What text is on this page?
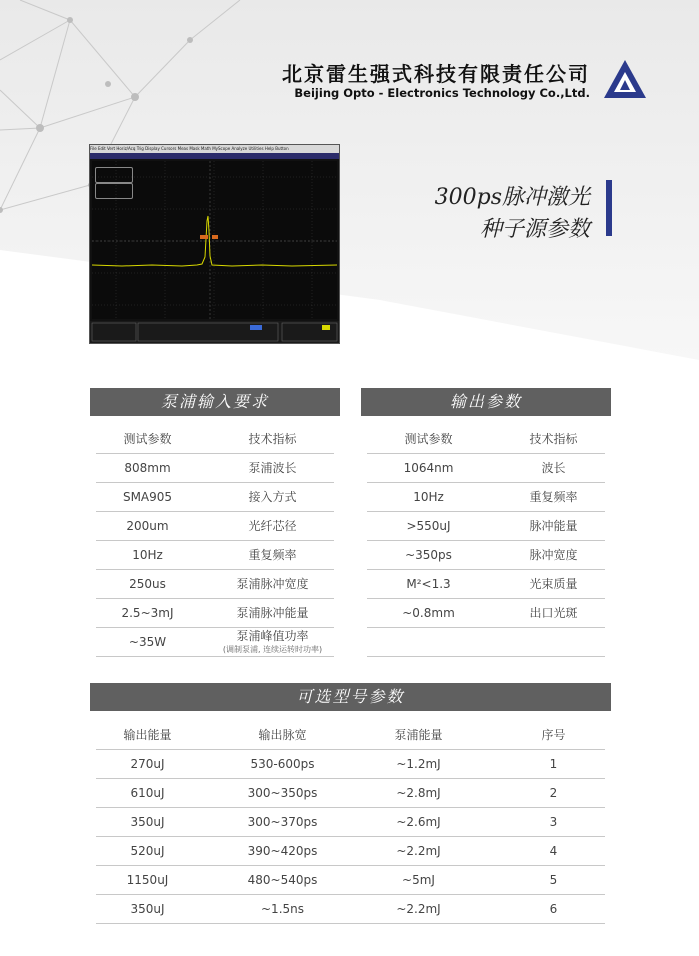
北京雷生强式科技有限责任公司
Beijing Opto - Electronics Technology Co.,Ltd.
File Edit Vert Horiz/Acq Trig Display Cursors Meas Mask Math MyScope Analyze Utilities Help Button
300ps脉冲激光
种子源参数
泵浦输入要求	输出参数
可选型号参数
测试参数	技术指标
808mm	泵浦波长
SMA905	接入方式
200um	光纤芯径
10Hz	重复频率
250us	泵浦脉冲宽度
2.5~3mJ	泵浦脉冲能量
~35W	泵浦峰值功率
(调制泵浦, 连续运转时功率)
测试参数	技术指标
1064nm	波长
10Hz	重复频率
>550uJ	脉冲能量
~350ps	脉冲宽度
M²<1.3	光束质量
~0.8mm	出口光斑
输出能量	输出脉宽	泵浦能量	序号
270uJ	530-600ps	~1.2mJ	1
610uJ	300~350ps	~2.8mJ	2
350uJ	300~370ps	~2.6mJ	3
520uJ	390~420ps	~2.2mJ	4
1150uJ	480~540ps	~5mJ	5
350uJ	~1.5ns	~2.2mJ	6
